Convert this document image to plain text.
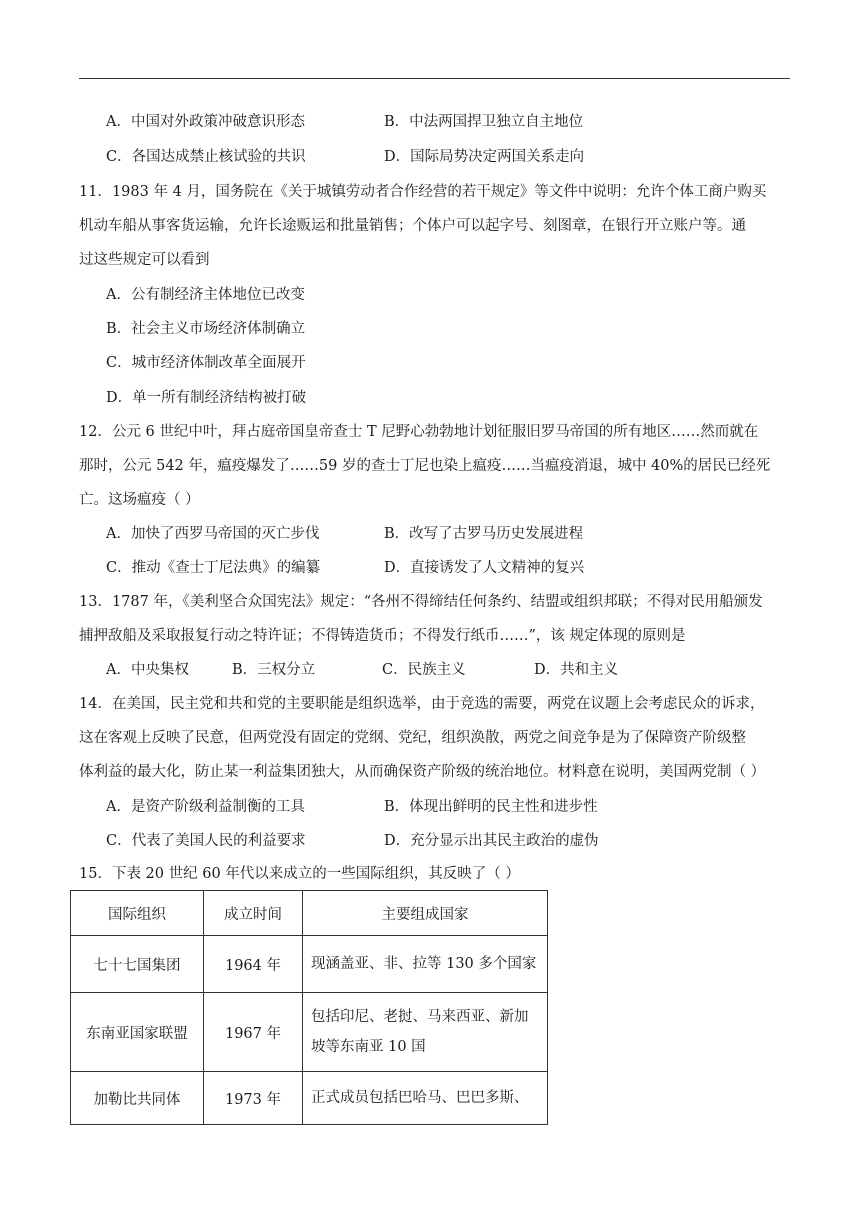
A．中国对外政策冲破意识形态	B．中法两国捍卫独立自主地位
C．各国达成禁止核试验的共识	D．国际局势决定两国关系走向
11．1983 年 4 月，国务院在《关于城镇劳动者合作经营的若干规定》等文件中说明：允许个体工商户购买
机动车船从事客货运输，允许长途贩运和批量销售；个体户可以起字号、刻图章，在银行开立账户等。通
过这些规定可以看到
A．公有制经济主体地位已改变
B．社会主义市场经济体制确立
C．城市经济体制改革全面展开
D．单一所有制经济结构被打破
12．公元 6 世纪中叶，拜占庭帝国皇帝查士 T 尼野心勃勃地计划征服旧罗马帝国的所有地区……然而就在
那时，公元 542 年，瘟疫爆发了……59 岁的查士丁尼也染上瘟疫……当瘟疫消退，城中 40%的居民已经死
亡。这场瘟疫（ ）
A．加快了西罗马帝国的灭亡步伐	B．改写了古罗马历史发展进程
C．推动《查士丁尼法典》的编纂	D．直接诱发了人文精神的复兴
13．1787 年，《美利坚合众国宪法》规定：“各州不得缔结任何条约、结盟或组织邦联；不得对民用船颁发
捕押敌船及采取报复行动之特许证；不得铸造货币；不得发行纸币……”，该 规定体现的原则是
A．中央集权	B．三权分立	C．民族主义	D．共和主义
14．在美国，民主党和共和党的主要职能是组织选举，由于竞选的需要，两党在议题上会考虑民众的诉求，
这在客观上反映了民意，但两党没有固定的党纲、党纪，组织涣散，两党之间竞争是为了保障资产阶级整
体利益的最大化，防止某一利益集团独大，从而确保资产阶级的统治地位。材料意在说明，美国两党制（ ）
A．是资产阶级利益制衡的工具	B．体现出鲜明的民主性和进步性
C．代表了美国人民的利益要求	D．充分显示出其民主政治的虚伪
15．下表 20 世纪 60 年代以来成立的一些国际组织，其反映了（ ）
国际组织	成立时间	主要组成国家
七十七国集团	1964 年	现涵盖亚、非、拉等 130 多个国家
东南亚国家联盟	1967 年	包括印尼、老挝、马来西亚、新加坡等东南亚 10 国
加勒比共同体	1973 年	正式成员包括巴哈马、巴巴多斯、
